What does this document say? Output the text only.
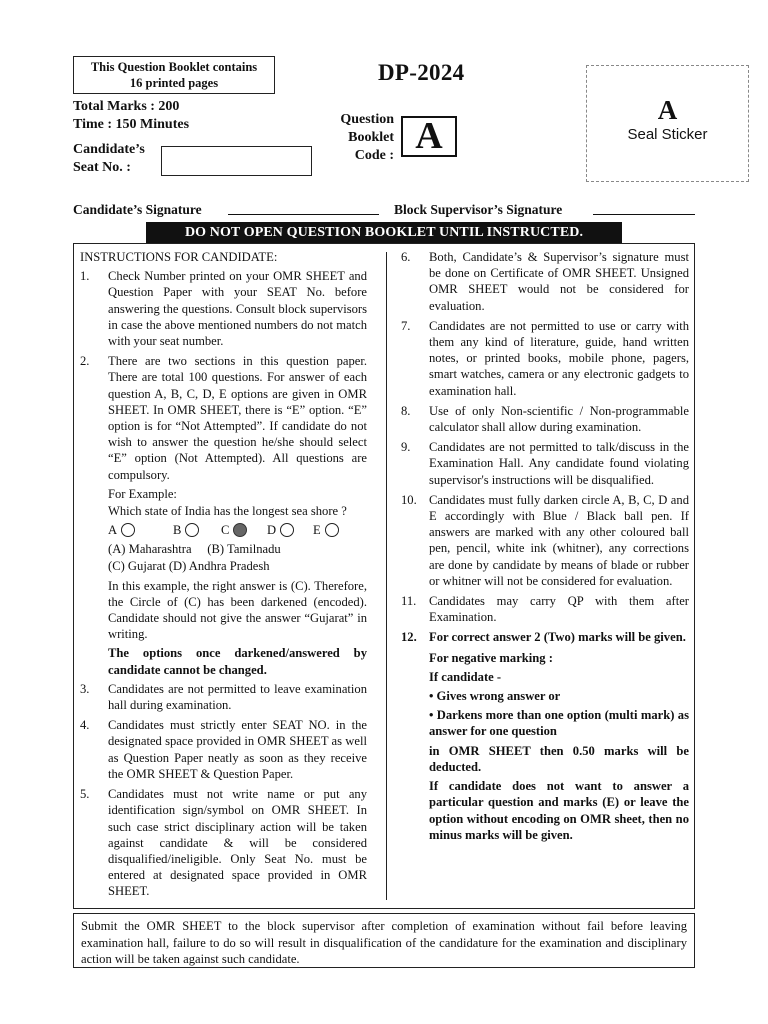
This Question Booklet contains
16 printed pages	DP-2024
Total Marks : 200
Time : 150 Minutes
Candidate’s
Seat No. :
Question
Booklet
Code : A
A
Seal Sticker
Candidate’s Signature	Block Supervisor’s Signature
DO NOT OPEN QUESTION BOOKLET UNTIL INSTRUCTED.
INSTRUCTIONS FOR CANDIDATE:
1. Check Number printed on your OMR SHEET and Question Paper with your SEAT No. before answering the questions. Consult block supervisors in case the above mentioned numbers do not match with your seat number.
2. There are two sections in this question paper. There are total 100 questions. For answer of each question A, B, C, D, E options are given in OMR SHEET. In OMR SHEET, there is “E” option. “E” option is for “Not Attempted”. If candidate do not wish to answer the question he/she should select “E” option (Not Attempted). All questions are compulsory.
For Example:
Which state of India has the longest sea shore ?
A	B	C	D	E
(A) Maharashtra     (B) Tamilnadu
(C) Gujarat (D) Andhra Pradesh
In this example, the right answer is (C). Therefore, the Circle of (C) has been darkened (encoded). Candidate should not give the answer “Gujarat” in writing.
The options once darkened/answered by candidate cannot be changed.
3. Candidates are not permitted to leave examination hall during examination.
4. Candidates must strictly enter SEAT NO. in the designated space provided in OMR SHEET as well as Question Paper neatly as soon as they receive the OMR SHEET & Question Paper.
5. Candidates must not write name or put any identification sign/symbol on OMR SHEET. In such case strict disciplinary action will be taken against candidate & will be considered disqualified/ineligible. Only Seat No. must be entered at designated space provided in OMR SHEET.
6. Both, Candidate’s & Supervisor’s signature must be done on Certificate of OMR SHEET. Unsigned OMR SHEET would not be considered for evaluation.
7. Candidates are not permitted to use or carry with them any kind of literature, guide, hand written notes, or printed books, mobile phone, pagers, smart watches, camera or any electronic gadgets to examination hall.
8. Use of only Non-scientific / Non-programmable calculator shall allow during examination.
9. Candidates are not permitted to talk/discuss in the Examination Hall. Any candidate found violating supervisor's instructions will be disqualified.
10. Candidates must fully darken circle A, B, C, D and E accordingly with Blue / Black ball pen. If answers are marked with any other coloured ball pen, pencil, white ink (whitner), any corrections are done by candidate by means of blade or rubber or whitner will not be considered for evaluation.
11. Candidates may carry QP with them after Examination.
12. For correct answer 2 (Two) marks will be given.
For negative marking :
If candidate -
• Gives wrong answer or
• Darkens more than one option (multi mark) as answer for one question
in OMR SHEET then 0.50 marks will be deducted.
If candidate does not want to answer a particular question and marks (E) or leave the option without encoding on OMR sheet, then no minus marks will be given.
Submit the OMR SHEET to the block supervisor after completion of examination without fail before leaving examination hall, failure to do so will result in disqualification of the candidature for the examination and disciplinary action will be taken against such candidate.
